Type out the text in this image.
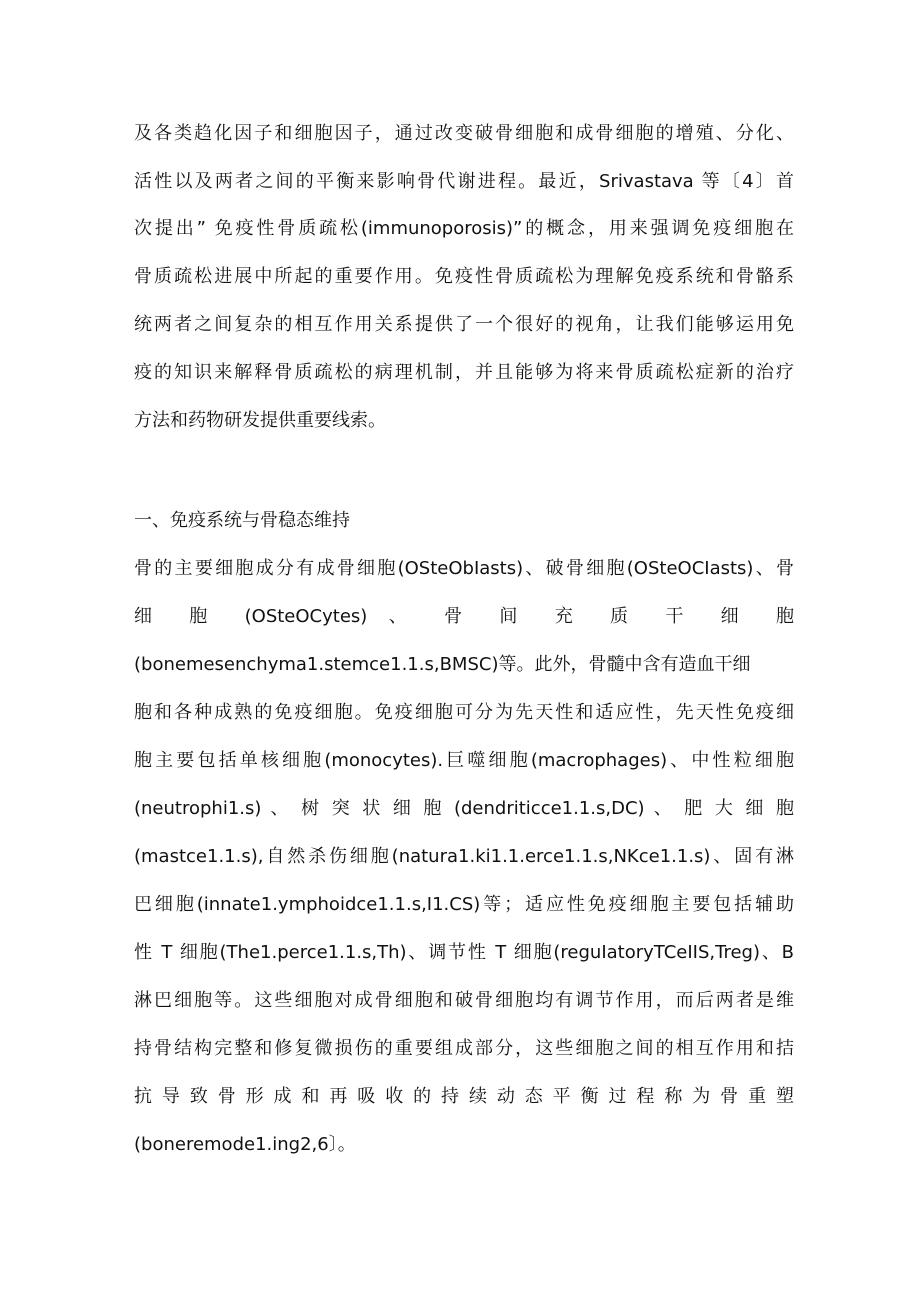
及各类趋化因子和细胞因子，通过改变破骨细胞和成骨细胞的增殖、分化、
活性以及两者之间的平衡来影响骨代谢进程。最近，Srivastava 等〔4〕首
次提出” 免疫性骨质疏松(immunoporosis)”的概念，用来强调免疫细胞在
骨质疏松进展中所起的重要作用。免疫性骨质疏松为理解免疫系统和骨骼系
统两者之间复杂的相互作用关系提供了一个很好的视角，让我们能够运用免
疫的知识来解释骨质疏松的病理机制，并且能够为将来骨质疏松症新的治疗
方法和药物研发提供重要线索。
一、免疫系统与骨稳态维持
骨的主要细胞成分有成骨细胞(OSteObIasts)、破骨细胞(OSteOCIasts)、骨
细 胞 (OSteOCytes) 、 骨 间 充 质 干 细 胞
(bonemesenchyma1.stemce1.1.s,BMSC)等。此外，骨髓中含有造血干细
胞和各种成熟的免疫细胞。免疫细胞可分为先天性和适应性，先天性免疫细
胞主要包括单核细胞(monocytes).巨噬细胞(macrophages)、中性粒细胞
(neutrophi1.s) 、 树 突 状 细 胞 (dendriticce1.1.s,DC) 、 肥 大 细 胞
(mastce1.1.s),自然杀伤细胞(natura1.ki1.1.erce1.1.s,NKce1.1.s)、固有淋
巴细胞(innate1.ymphoidce1.1.s,I1.CS)等；适应性免疫细胞主要包括辅助
性 T 细胞(The1.perce1.1.s,Th)、调节性 T 细胞(reguIatoryTCeIIS,Treg)、B
淋巴细胞等。这些细胞对成骨细胞和破骨细胞均有调节作用，而后两者是维
持骨结构完整和修复微损伤的重要组成部分，这些细胞之间的相互作用和拮
抗 导 致 骨 形 成 和 再 吸 收 的 持 续 动 态 平 衡 过 程 称 为 骨 重 塑
(boneremode1.ing2,6〕。
